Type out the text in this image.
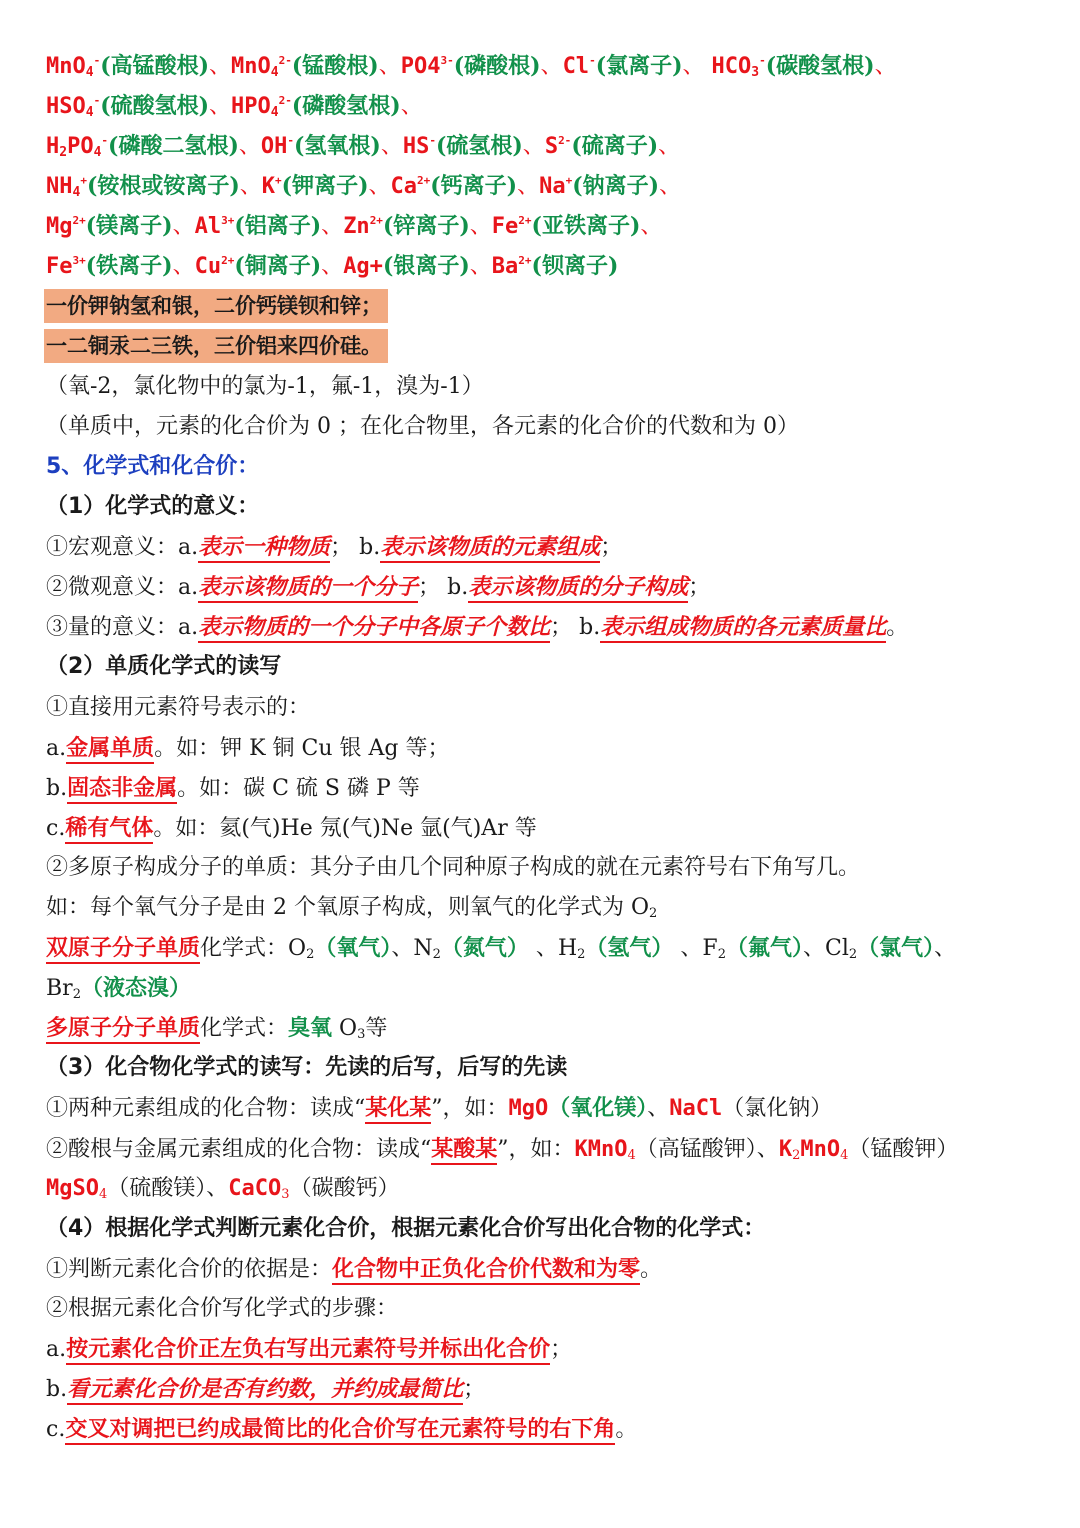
MnO$_4$-(高锰酸根)、MnO$_4^{2-}$(锰酸根)、$PO4^{3-}$(磷酸根)、Cl-(氯离子)、 $HCO_3^-$(碳酸氢根)、
$HSO_4^-$(硫酸氢根)、$HPO_4^{2-}$(磷酸氢根)、
$H_2PO_4^-$(磷酸二氢根)、OH-(氢氧根)、HS-(硫氢根)、$S^{2-}$(硫离子)、
$NH_4^+$(铵根或铵离子)、K+(钾离子)、$Ca^{2+}$(钙离子)、Na+(钠离子)、
$Mg^{2+}$(镁离子)、$Al^{3+}$(铝离子)、$Zn^{2+}$(锌离子)、$Fe^{2+}$(亚铁离子)、
$Fe^{3+}$(铁离子)、$Cu^{2+}$(铜离子)、Ag+(银离子)、$Ba^{2+}$(钡离子)
一价钾钠氢和银，二价钙镁钡和锌；
一二铜汞二三铁，三价铝来四价硅。
（氧-2，氯化物中的氯为-1，氟-1，溴为-1）
（单质中，元素的化合价为 0 ；在化合物里，各元素的化合价的代数和为 0）
5、化学式和化合价：
（1）化学式的意义：
①宏观意义：a.表示一种物质； b.表示该物质的元素组成；
②微观意义：a.表示该物质的一个分子； b.表示该物质的分子构成；
③量的意义：a.表示物质的一个分子中各原子个数比； b.表示组成物质的各元素质量比。
（2）单质化学式的读写
①直接用元素符号表示的：
a.金属单质。如：钾 K 铜 Cu 银 Ag 等；
b.固态非金属。如：碳 C 硫 S 磷 P 等
c.稀有气体。如：氦(气)He 氖(气)Ne 氩(气)Ar 等
②多原子构成分子的单质：其分子由几个同种原子构成的就在元素符号右下角写几。
如：每个氧气分子是由 2 个氧原子构成，则氧气的化学式为 $O_2$
双原子分子单质化学式：$O_2$（氧气）、$N_2$（氮气） 、$H_2$（氢气） 、$F_2$（氟气）、$Cl_2$（氯气）、
$Br_2$（液态溴）
多原子分子单质化学式：臭氧 $O_3$等
（3）化合物化学式的读写：先读的后写，后写的先读
①两种元素组成的化合物：读成“某化某”，如：MgO（氧化镁）、NaCl（氯化钠）
②酸根与金属元素组成的化合物：读成“某酸某”，如：KMnO$_4$（高锰酸钾）、$K_2MnO_4$（锰酸钾）
MgSO$_4$（硫酸镁）、CaCO$_3$（碳酸钙）
（4）根据化学式判断元素化合价，根据元素化合价写出化合物的化学式：
①判断元素化合价的依据是：化合物中正负化合价代数和为零。
②根据元素化合价写化学式的步骤：
a.按元素化合价正左负右写出元素符号并标出化合价；
b.看元素化合价是否有约数，并约成最简比；
c.交叉对调把已约成最简比的化合价写在元素符号的右下角。
